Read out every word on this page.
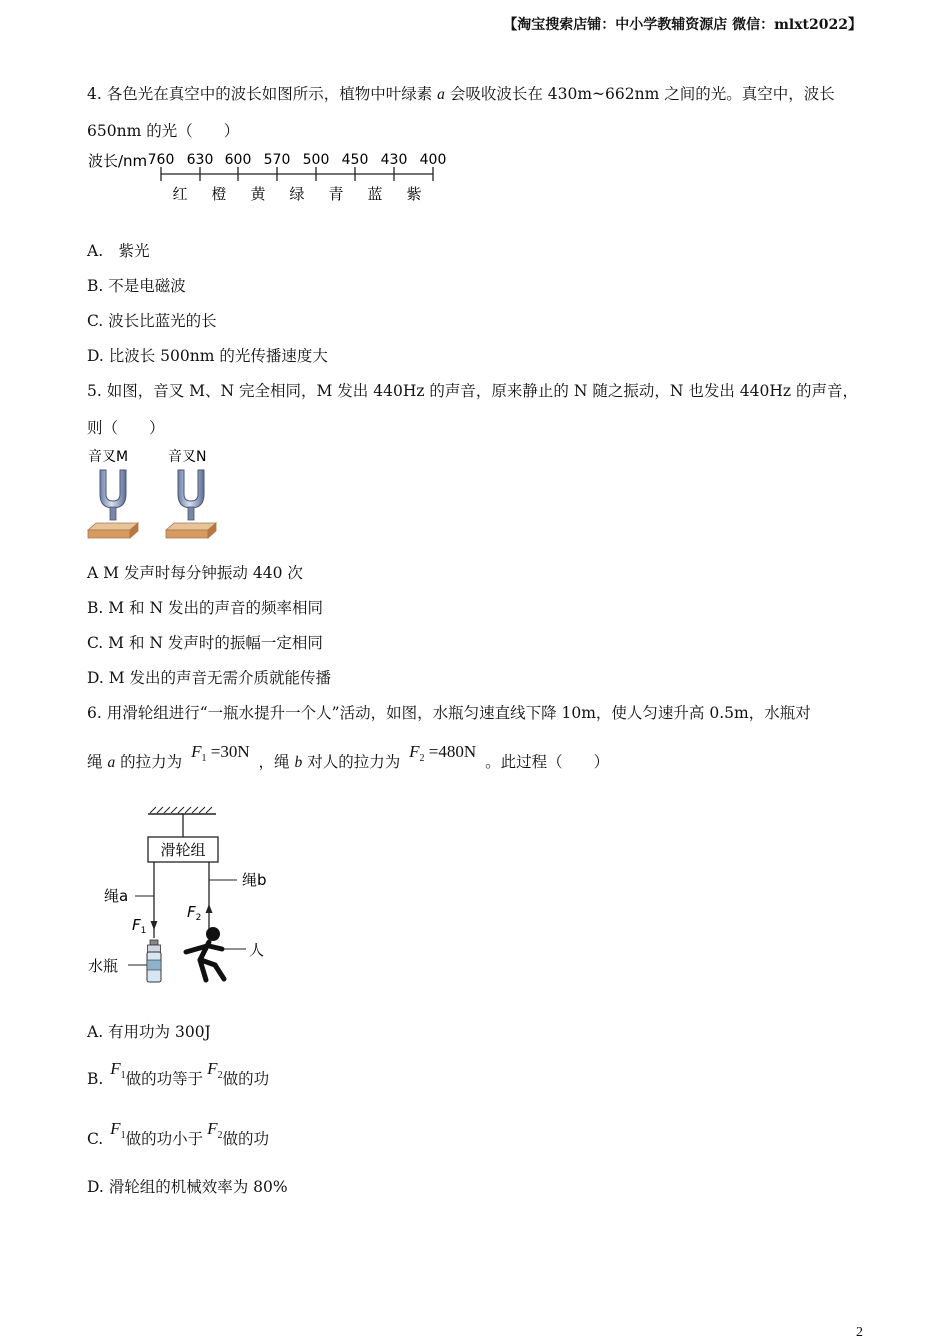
【淘宝搜索店铺：中小学教辅资源店 微信：mlxt2022】
4. 各色光在真空中的波长如图所示，植物中叶绿素 a 会吸收波长在 430m~662nm 之间的光。真空中，波长
650nm 的光（　　）
波长/nm 760 630 600 570 500 450 430 400
红 橙 黄 绿 青 蓝 紫
A.　紫光
B. 不是电磁波
C. 波长比蓝光的长
D. 比波长 500nm 的光传播速度大
5. 如图，音叉 M、N 完全相同，M 发出 440Hz 的声音，原来静止的 N 随之振动，N 也发出 440Hz 的声音，
则（　　）
音叉M	音叉N
A M 发声时每分钟振动 440 次
B. M 和 N 发出的声音的频率相同
C. M 和 N 发声时的振幅一定相同
D. M 发出的声音无需介质就能传播
6. 用滑轮组进行“一瓶水提升一个人”活动，如图，水瓶匀速直线下降 10m，使人匀速升高 0.5m，水瓶对
绳 a 的拉力为 $F_1 =30N$ ，绳 b 对人的拉力为 $F_2 =480N$ 。此过程（　　）
滑轮组
绳a
$F_1$
水瓶
绳b
$F_2$
人
A. 有用功为 300J
B. $F_1$做的功等于$F_2$做的功
C. $F_1$做的功小于$F_2$做的功
D. 滑轮组的机械效率为 80%
2
